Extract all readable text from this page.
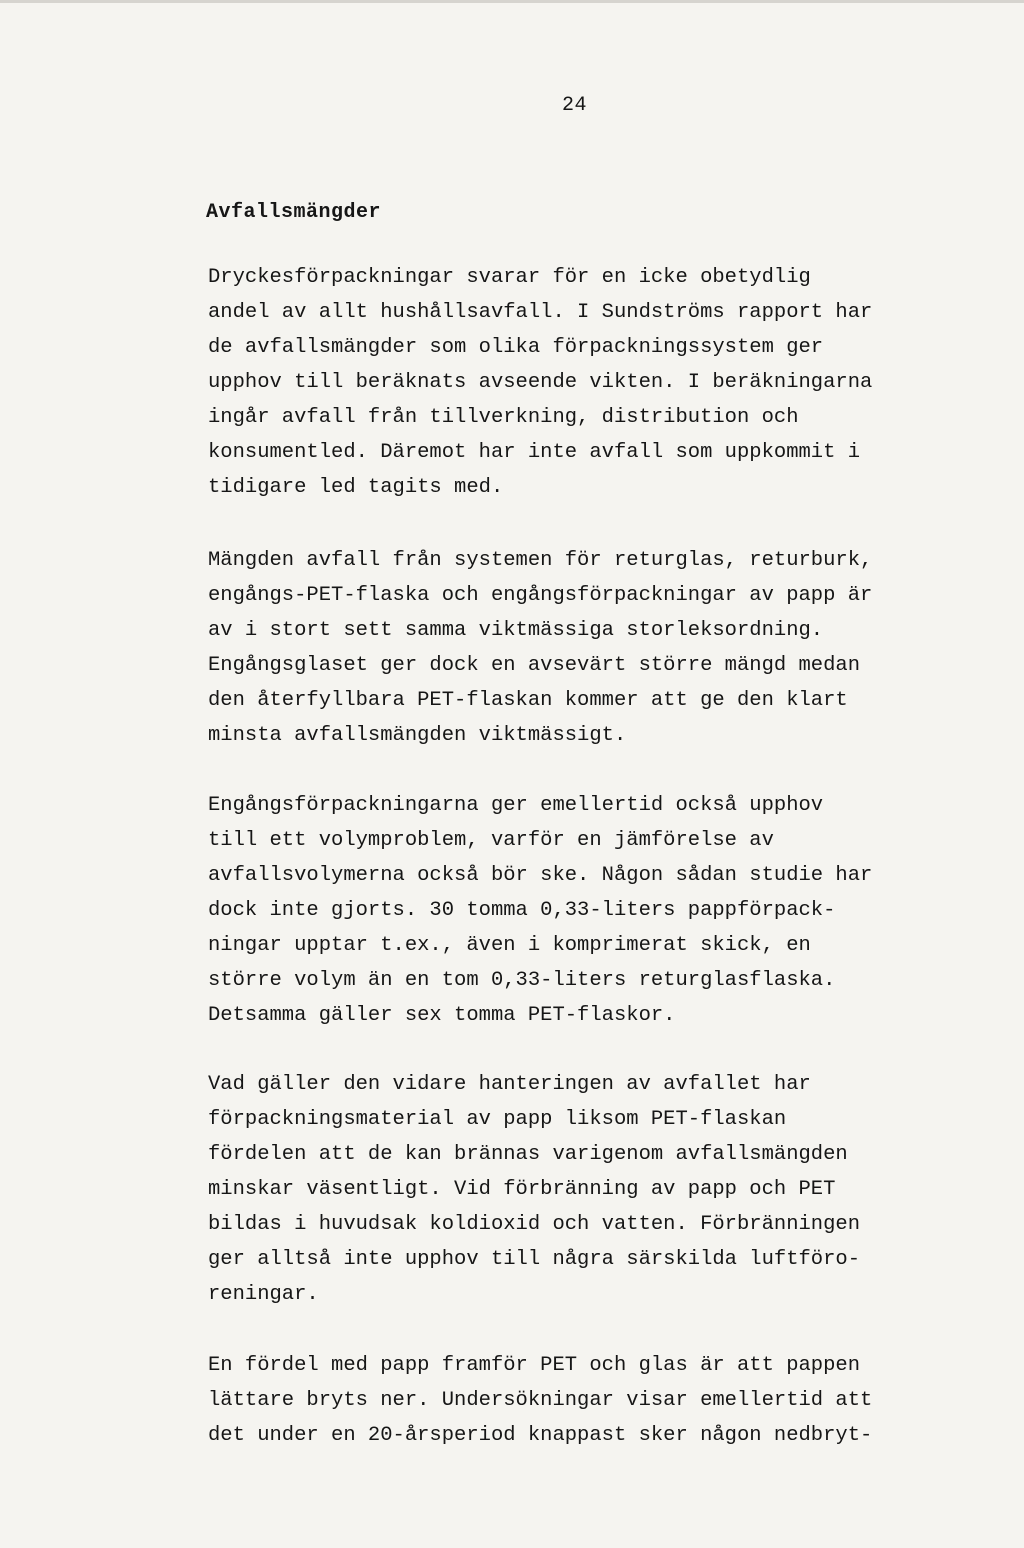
24
Avfallsmängder
Dryckesförpackningar svarar för en icke obetydlig
andel av allt hushållsavfall. I Sundströms rapport har
de avfallsmängder som olika förpackningssystem ger
upphov till beräknats avseende vikten. I beräkningarna
ingår avfall från tillverkning, distribution och
konsumentled. Däremot har inte avfall som uppkommit i
tidigare led tagits med.
Mängden avfall från systemen för returglas, returburk,
engångs-PET-flaska och engångsförpackningar av papp är
av i stort sett samma viktmässiga storleksordning.
Engångsglaset ger dock en avsevärt större mängd medan
den återfyllbara PET-flaskan kommer att ge den klart
minsta avfallsmängden viktmässigt.
Engångsförpackningarna ger emellertid också upphov
till ett volymproblem, varför en jämförelse av
avfallsvolymerna också bör ske. Någon sådan studie har
dock inte gjorts. 30 tomma 0,33-liters pappförpack-
ningar upptar t.ex., även i komprimerat skick, en
större volym än en tom 0,33-liters returglasflaska.
Detsamma gäller sex tomma PET-flaskor.
Vad gäller den vidare hanteringen av avfallet har
förpackningsmaterial av papp liksom PET-flaskan
fördelen att de kan brännas varigenom avfallsmängden
minskar väsentligt. Vid förbränning av papp och PET
bildas i huvudsak koldioxid och vatten. Förbränningen
ger alltså inte upphov till några särskilda luftföro-
reningar.
En fördel med papp framför PET och glas är att pappen
lättare bryts ner. Undersökningar visar emellertid att
det under en 20-årsperiod knappast sker någon nedbryt-
